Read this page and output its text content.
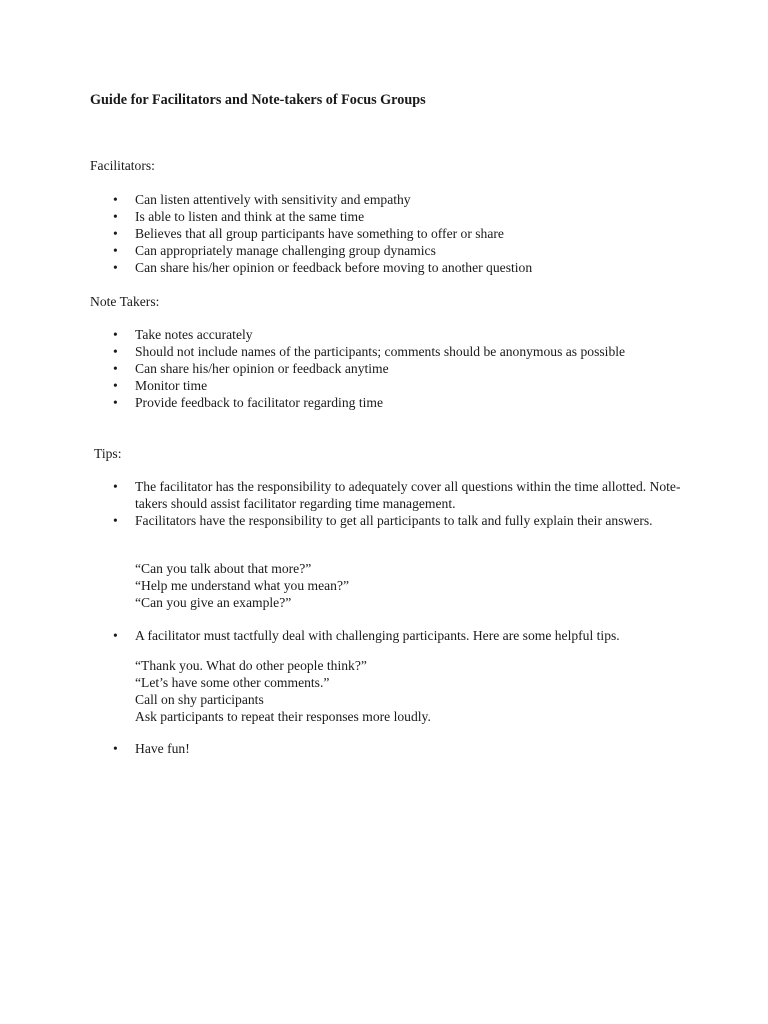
Guide for Facilitators and Note-takers of Focus Groups

Facilitators:

• Can listen attentively with sensitivity and empathy
• Is able to listen and think at the same time
• Believes that all group participants have something to offer or share
• Can appropriately manage challenging group dynamics
• Can share his/her opinion or feedback before moving to another question

Note Takers:

• Take notes accurately
• Should not include names of the participants; comments should be anonymous as possible
• Can share his/her opinion or feedback anytime
• Monitor time
• Provide feedback to facilitator regarding time

Tips:

• The facilitator has the responsibility to adequately cover all questions within the time allotted. Note-takers should assist facilitator regarding time management.
• Facilitators have the responsibility to get all participants to talk and fully explain their answers.
“Can you talk about that more?”
“Help me understand what you mean?”
“Can you give an example?”
• A facilitator must tactfully deal with challenging participants. Here are some helpful tips.
“Thank you. What do other people think?”
“Let’s have some other comments.”
Call on shy participants
Ask participants to repeat their responses more loudly.
• Have fun!
